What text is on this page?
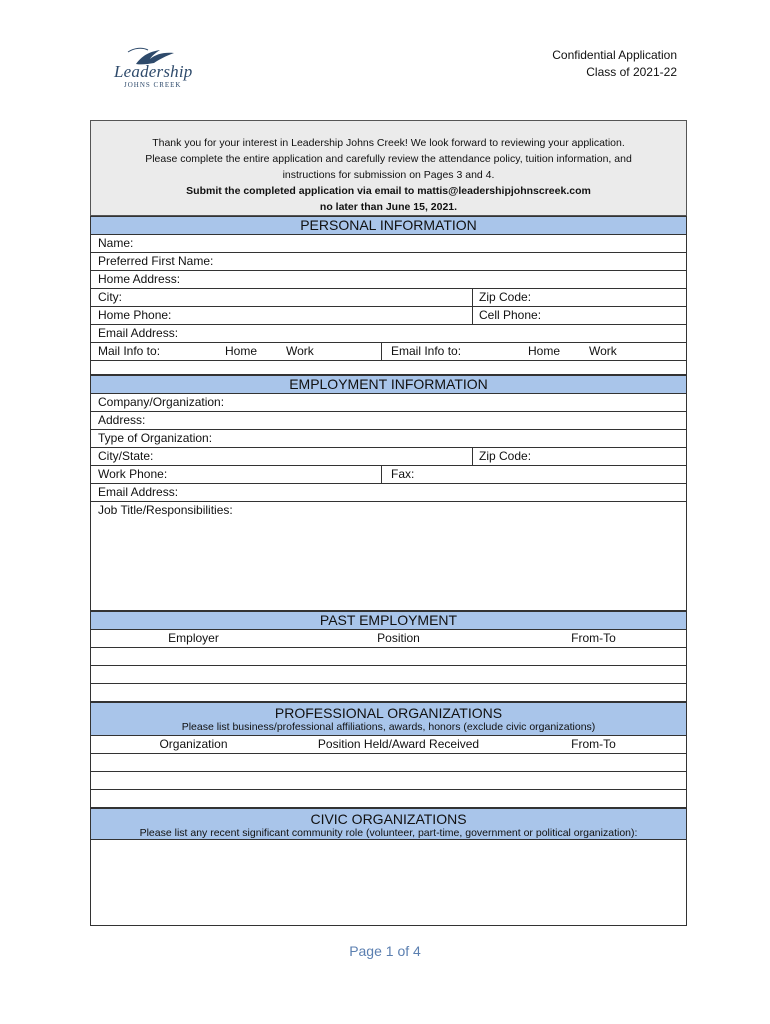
Leadership
JOHNS CREEK
Confidential Application
Class of 2021-22
Thank you for your interest in Leadership Johns Creek! We look forward to reviewing your application.
Please complete the entire application and carefully review the attendance policy, tuition information, and
instructions for submission on Pages 3 and 4.
Submit the completed application via email to mattis@leadershipjohnscreek.com
no later than June 15, 2021.
PERSONAL INFORMATION
Name:
Preferred First Name:
Home Address:
City:	Zip Code:
Home Phone:	Cell Phone:
Email Address:
Mail Info to:	Home	Work	Email Info to:	Home	Work
EMPLOYMENT INFORMATION
Company/Organization:
Address:
Type of Organization:
City/State:	Zip Code:
Work Phone:	Fax:
Email Address:
Job Title/Responsibilities:
PAST EMPLOYMENT
Employer	Position	From-To
PROFESSIONAL ORGANIZATIONS
Please list business/professional affiliations, awards, honors (exclude civic organizations)
Organization	Position Held/Award Received	From-To
CIVIC ORGANIZATIONS
Please list any recent significant community role (volunteer, part-time, government or political organization):
Page 1 of 4
